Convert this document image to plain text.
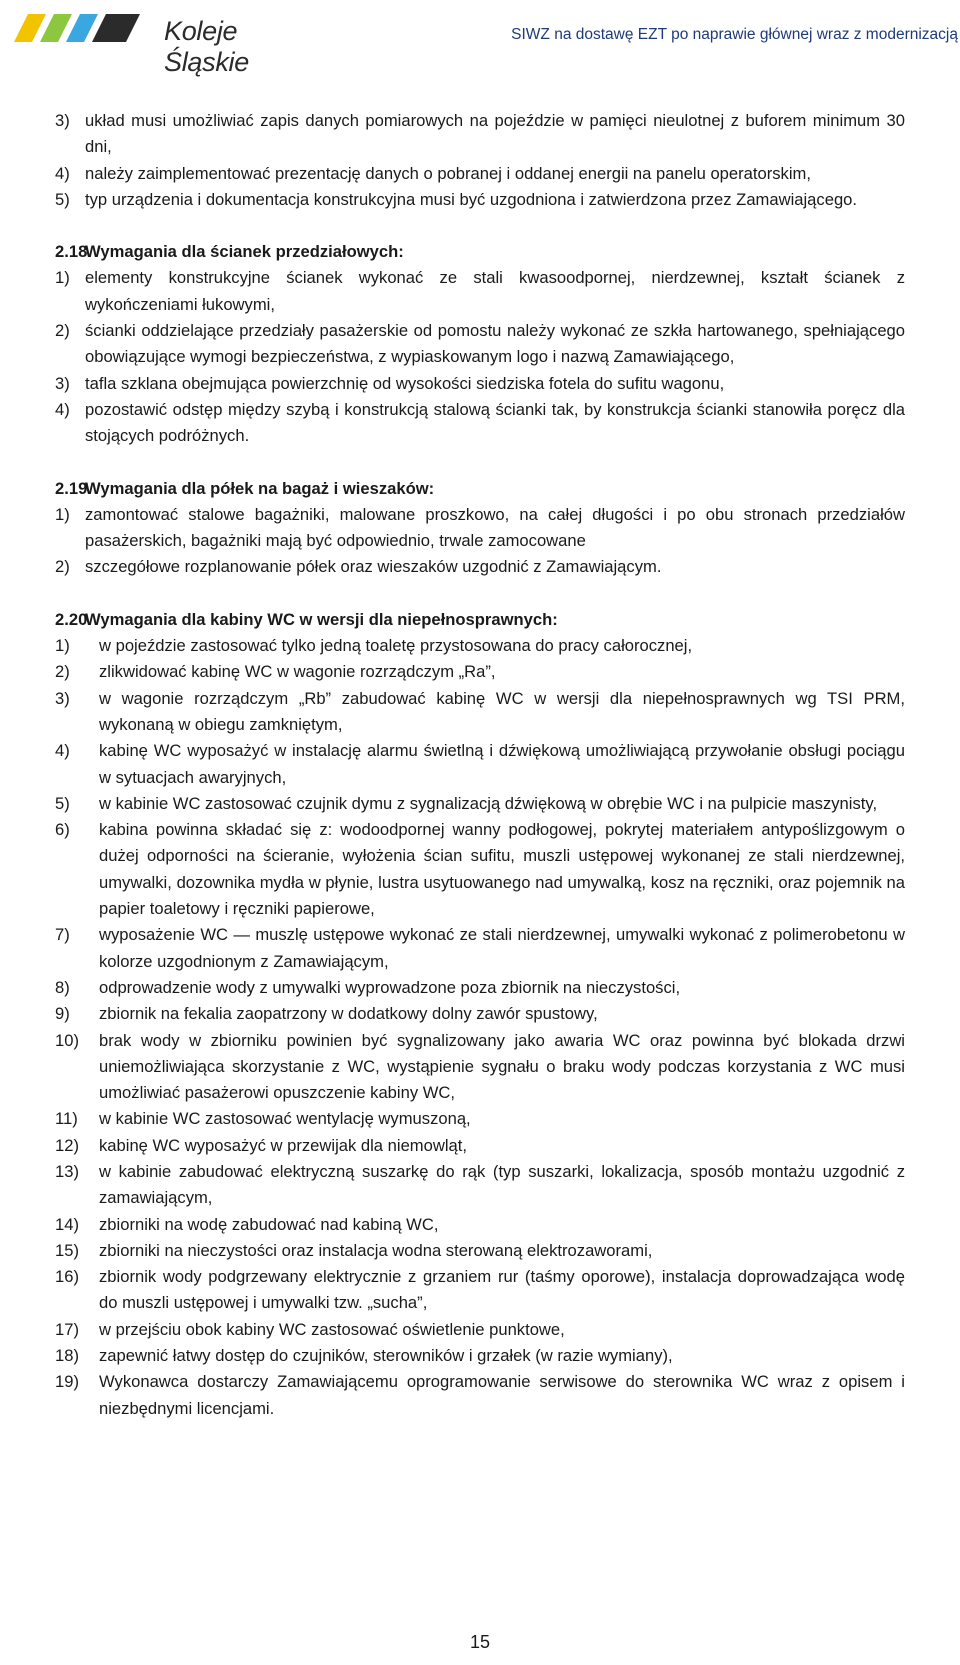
Koleje Śląskie
SIWZ na dostawę EZT po naprawie głównej wraz z modernizacją
3) układ musi umożliwiać zapis danych pomiarowych na pojeździe w pamięci nieulotnej z buforem minimum 30 dni,
4) należy zaimplementować prezentację danych o pobranej i oddanej energii na panelu operatorskim,
5) typ urządzenia i dokumentacja konstrukcyjna musi być uzgodniona i zatwierdzona przez Zamawiającego.
2.18.
Wymagania dla ścianek przedziałowych:
1) elementy konstrukcyjne ścianek wykonać ze stali kwasoodpornej, nierdzewnej, kształt ścianek z wykończeniami łukowymi,
2) ścianki oddzielające przedziały pasażerskie od pomostu należy wykonać ze szkła hartowanego, spełniającego obowiązujące wymogi bezpieczeństwa, z wypiaskowanym logo i nazwą Zamawiającego,
3) tafla szklana obejmująca powierzchnię od wysokości siedziska fotela do sufitu wagonu,
4) pozostawić odstęp między szybą i konstrukcją stalową ścianki tak, by konstrukcja ścianki stanowiła poręcz dla stojących podróżnych.
2.19.
Wymagania dla półek na bagaż i wieszaków:
1) zamontować stalowe bagażniki, malowane proszkowo, na całej długości i po obu stronach przedziałów pasażerskich, bagażniki mają być odpowiednio, trwale zamocowane
2) szczegółowe rozplanowanie półek oraz wieszaków uzgodnić z Zamawiającym.
2.20.
Wymagania dla kabiny WC w wersji dla niepełnosprawnych:
1) w pojeździe zastosować tylko jedną toaletę przystosowana do pracy całorocznej,
2) zlikwidować kabinę WC w wagonie rozrządczym „Ra”,
3) w wagonie rozrządczym „Rb” zabudować kabinę WC w wersji dla niepełnosprawnych wg TSI PRM, wykonaną w obiegu zamkniętym,
4) kabinę WC wyposażyć w instalację alarmu świetlną i dźwiękową umożliwiającą przywołanie obsługi pociągu w sytuacjach awaryjnych,
5) w kabinie WC zastosować czujnik dymu z sygnalizacją dźwiękową w obrębie WC i na pulpicie maszynisty,
6) kabina powinna składać się z: wodoodpornej wanny podłogowej, pokrytej materiałem antypoślizgowym o dużej odporności na ścieranie, wyłożenia ścian sufitu, muszli ustępowej wykonanej ze stali nierdzewnej, umywalki, dozownika mydła w płynie, lustra usytuowanego nad umywalką, kosz na ręczniki, oraz pojemnik na papier toaletowy i ręczniki papierowe,
7) wyposażenie WC — muszlę ustępowe wykonać ze stali nierdzewnej, umywalki wykonać z polimerobetonu w kolorze uzgodnionym z Zamawiającym,
8) odprowadzenie wody z umywalki wyprowadzone poza zbiornik na nieczystości,
9) zbiornik na fekalia zaopatrzony w dodatkowy dolny zawór spustowy,
10) brak wody w zbiorniku powinien być sygnalizowany jako awaria WC oraz powinna być blokada drzwi uniemożliwiająca skorzystanie z WC, wystąpienie sygnału o braku wody podczas korzystania z WC musi umożliwiać pasażerowi opuszczenie kabiny WC,
11) w kabinie WC zastosować wentylację wymuszoną,
12) kabinę WC wyposażyć w przewijak dla niemowląt,
13) w kabinie zabudować elektryczną suszarkę do rąk (typ suszarki, lokalizacja, sposób montażu uzgodnić z zamawiającym,
14) zbiorniki na wodę zabudować nad kabiną WC,
15) zbiorniki na nieczystości oraz instalacja wodna sterowaną elektrozaworami,
16) zbiornik wody podgrzewany elektrycznie z grzaniem rur (taśmy oporowe), instalacja doprowadzająca wodę do muszli ustępowej i umywalki tzw. „sucha”,
17) w przejściu obok kabiny WC zastosować oświetlenie punktowe,
18) zapewnić łatwy dostęp do czujników, sterowników i grzałek (w razie wymiany),
19) Wykonawca dostarczy Zamawiającemu oprogramowanie serwisowe do sterownika WC wraz z opisem i niezbędnymi licencjami.
15
